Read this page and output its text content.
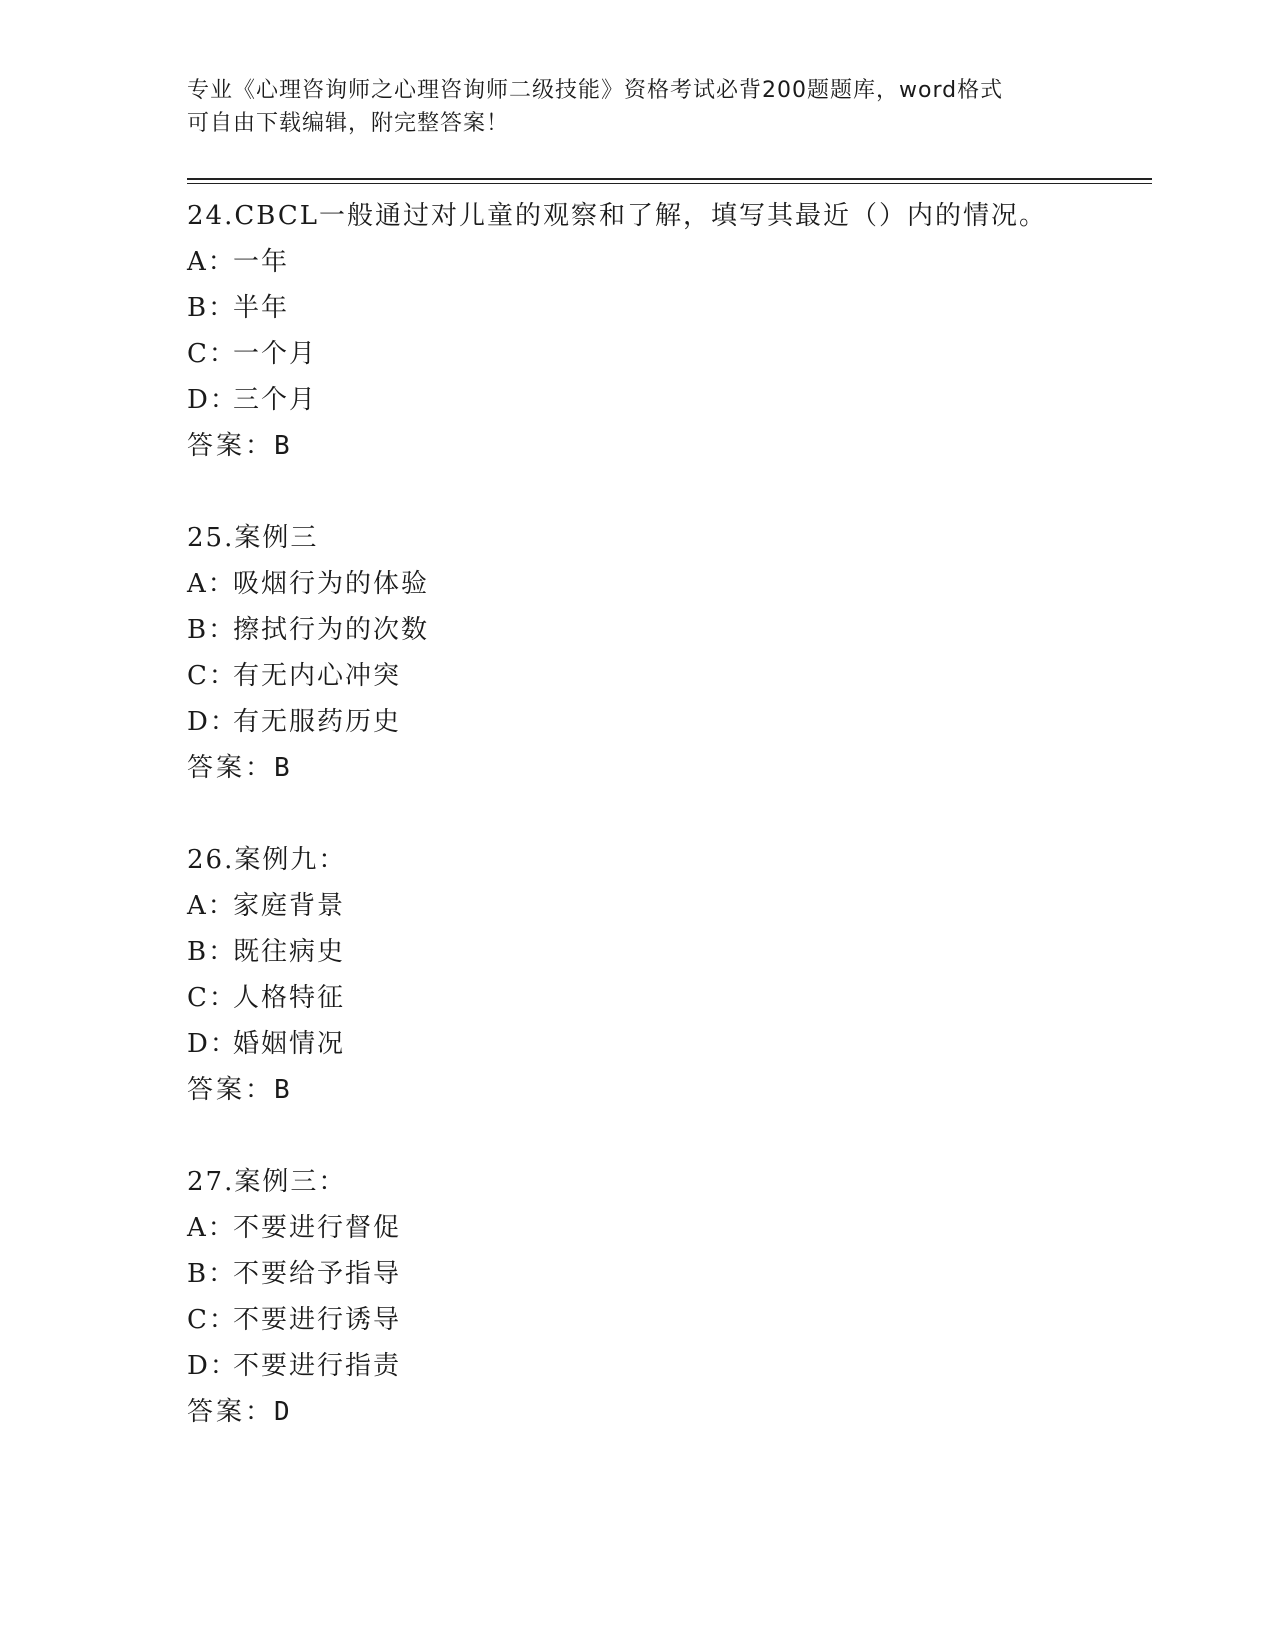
专业《心理咨询师之心理咨询师二级技能》资格考试必背200题题库，word格式
可自由下载编辑，附完整答案！
24.CBCL一般通过对儿童的观察和了解，填写其最近（）内的情况。
A：一年
B：半年
C：一个月
D：三个月
答案：B
25.案例三
A：吸烟行为的体验
B：擦拭行为的次数
C：有无内心冲突
D：有无服药历史
答案：B
26.案例九：
A：家庭背景
B：既往病史
C：人格特征
D：婚姻情况
答案：B
27.案例三：
A：不要进行督促
B：不要给予指导
C：不要进行诱导
D：不要进行指责
答案：D
